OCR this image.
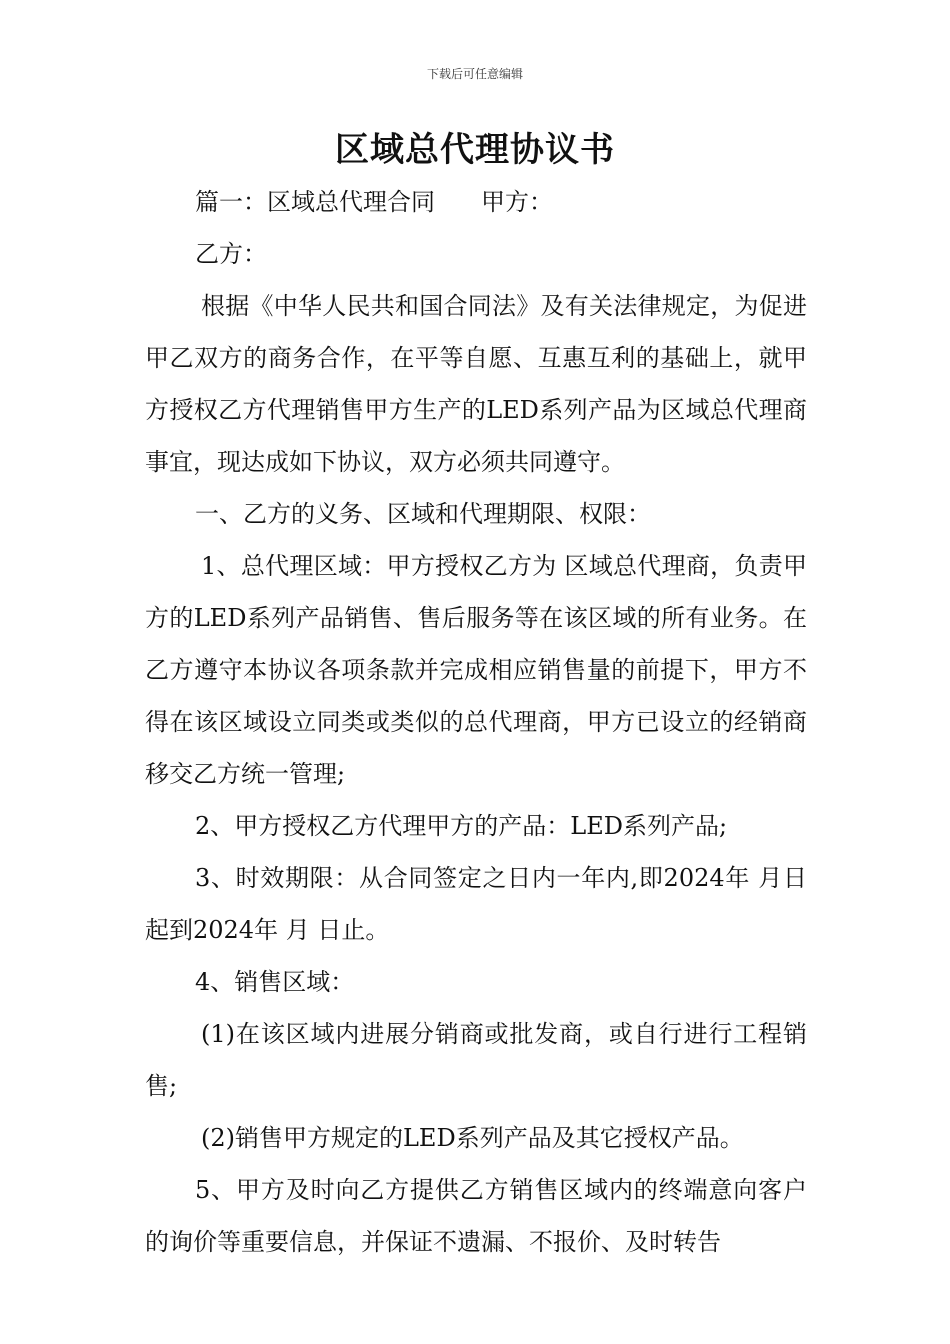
下载后可任意编辑
区域总代理协议书

篇一：区域总代理合同 甲方：

乙方：

根据《中华人民共和国合同法》及有关法律规定，为促进甲乙双方的商务合作，在平等自愿、互惠互利的基础上，就甲方授权乙方代理销售甲方生产的LED系列产品为区域总代理商事宜，现达成如下协议，双方必须共同遵守。

一、乙方的义务、区域和代理期限、权限：

1、总代理区域：甲方授权乙方为 区域总代理商，负责甲方的LED系列产品销售、售后服务等在该区域的所有业务。在乙方遵守本协议各项条款并完成相应销售量的前提下，甲方不得在该区域设立同类或类似的总代理商，甲方已设立的经销商移交乙方统一管理;

2、甲方授权乙方代理甲方的产品：LED系列产品;

3、时效期限：从合同签定之日内一年内,即2024年 月日起到2024年 月 日止。

4、销售区域：

(1)在该区域内进展分销商或批发商，或自行进行工程销售;

(2)销售甲方规定的LED系列产品及其它授权产品。

5、甲方及时向乙方提供乙方销售区域内的终端意向客户的询价等重要信息，并保证不遗漏、不报价、及时转告
